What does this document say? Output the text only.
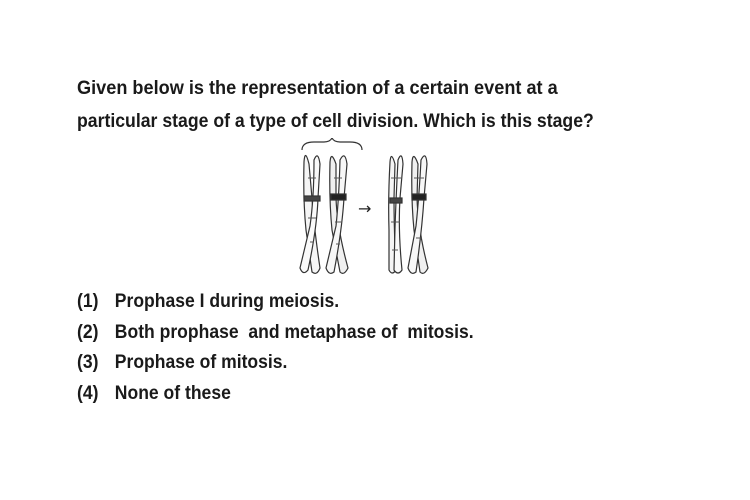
Given below is the representation of a certain event at a
particular stage of a type of cell division. Which is this stage?
→
(1) Prophase I during meiosis.
(2) Both prophase  and metaphase of  mitosis.
(3) Prophase of mitosis.
(4) None of these
